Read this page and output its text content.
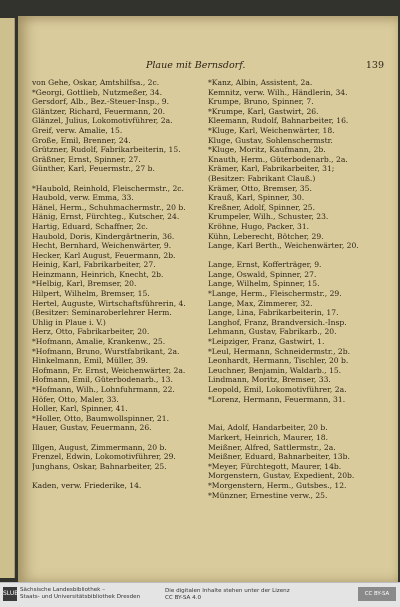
Plaue mit Bernsdorf.	139
von Gehe, Oskar, Amtshilfsa., 2c.
*Georgi, Gottlieb, Nutzmeßer, 34.
Gersdorf, Alb., Bez.-Steuer-Insp., 9.
Gläntzer, Richard, Feuermann, 20.
Glänzel, Julius, Lokomotivführer, 2a.
Greif, verw. Amalie, 15.
Große, Emil, Brenner, 24.
Grützner, Rudolf, Fabrikarbeiterin, 15.
Gräßner, Ernst, Spinner, 27.
Günther, Karl, Feuermstr., 27 b.
*Haubold, Reinhold, Fleischermstr., 2c.
Haubold, verw. Emma, 33.
Hänel, Herm., Schuhmachermstr., 20 b.
Hänig, Ernst, Fürchteg., Kutscher, 24.
Hartig, Eduard, Schaffner, 2c.
Haubold, Doris, Kindergärtnerin, 36.
Hecht, Bernhard, Weichenwärter, 9.
Hecker, Karl August, Feuermann, 2b.
Heinig, Karl, Fabrikarbeiter, 27.
Heinzmann, Heinrich, Knecht, 2b.
*Helbig, Karl, Bremser, 20.
Hilpert, Wilhelm, Bremser, 15.
Hertel, Auguste, Wirtschaftsführerin, 4.
(Besitzer: Seminaroberlehrer Herm.
Uhlig in Plaue i. V.)
Herz, Otto, Fabrikarbeiter, 20.
*Hofmann, Amalie, Krankenw., 25.
*Hofmann, Bruno, Wurstfabrikant, 2a.
Hinkelmann, Emil, Müller, 39.
Hofmann, Fr. Ernst, Weichenwärter, 2a.
Hofmann, Emil, Güterbodenarb., 13.
*Hofmann, Wilh., Lohnfuhrmann, 22.
Höfer, Otto, Maler, 33.
Holler, Karl, Spinner, 41.
*Holler, Otto, Baumwollspinner, 21.
Hauer, Gustav, Feuermann, 26.
Illgen, August, Zimmermann, 20 b.
Frenzel, Edwin, Lokomotivführer, 29.
Junghans, Oskar, Bahnarbeiter, 25.
Kaden, verw. Friederike, 14.
*Kanz, Albin, Assistent, 2a.
Kemnitz, verw. Wilh., Händlerin, 34.
Krumpe, Bruno, Spinner, 7.
*Krumpe, Karl, Gastwirt, 26.
Kleemann, Rudolf, Bahnarbeiter, 16.
*Kluge, Karl, Weichenwärter, 18.
Kluge, Gustav, Sohlenschermstr.
*Kluge, Moritz, Kaufmann, 2b.
Knauth, Herm., Güterbodenarb., 2a.
Krämer, Karl, Fabrikarbeiter, 31;
(Besitzer: Fabrikant Clauß.)
Krämer, Otto, Bremser, 35.
Krauß, Karl, Spinner, 30.
Kreßner, Adolf, Spinner, 25.
Krumpeler, Wilh., Schuster, 23.
Kröhne, Hugo, Packer, 31.
Kühn, Leberecht, Bötcher, 29.
Lange, Karl Berth., Weichenwärter, 20.
Lange, Ernst, Kofferträger, 9.
Lange, Oswald, Spinner, 27.
Lange, Wilhelm, Spinner, 15.
*Lange, Herm., Fleischermstr., 29.
Lange, Max, Zimmerer, 32.
Lange, Lina, Fabrikarbeiterin, 17.
Langhof, Franz, Brandversich.-Insp.
Lehmann, Gustav, Fabrikarb., 20.
*Leipziger, Franz, Gastwirt, 1.
*Leul, Hermann, Schneidermstr., 2b.
Leonhardt, Hermann, Tischler, 20 b.
Leuchner, Benjamin, Waldarb., 15.
Lindmann, Moritz, Bremser, 33.
Leopold, Emil, Lokomotivführer, 2a.
*Lorenz, Hermann, Feuermann, 31.
Mai, Adolf, Handarbeiter, 20 b.
Markert, Heinrich, Maurer, 18.
Meißner, Alfred, Sattlermstr., 2a.
Meißner, Eduard, Bahnarbeiter, 13b.
*Meyer, Fürchtegott, Maurer, 14b.
Morgenstern, Gustav, Expedient, 20b.
*Morgenstern, Herm., Gutsbes., 12.
*Münzner, Ernestine verw., 25.
SLUB Sächsische Landesbibliothek –
Staats- und Universitätsbibliothek Dresden
Die digitalen Inhalte stehen unter der Lizenz
CC BY-SA 4.0
CC BY-SA
